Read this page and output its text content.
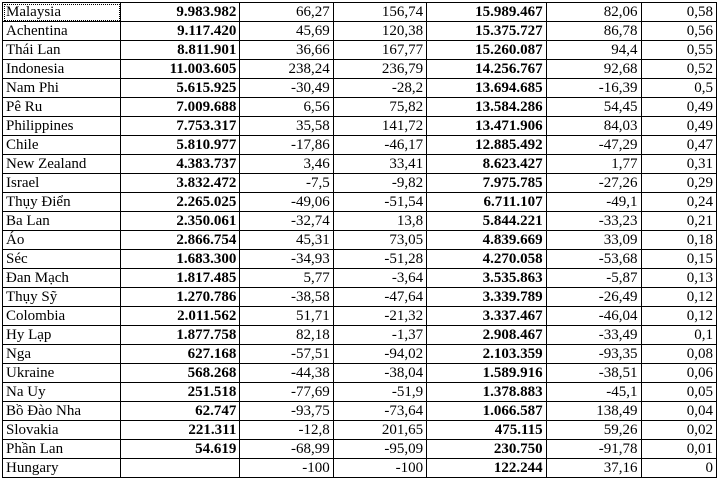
Malaysia	9.983.982	66,27	156,74	15.989.467	82,06	0,58
Achentina	9.117.420	45,69	120,38	15.375.727	86,78	0,56
Thái Lan	8.811.901	36,66	167,77	15.260.087	94,4	0,55
Indonesia	11.003.605	238,24	236,79	14.256.767	92,68	0,52
Nam Phi	5.615.925	-30,49	-28,2	13.694.685	-16,39	0,5
Pê Ru	7.009.688	6,56	75,82	13.584.286	54,45	0,49
Philippines	7.753.317	35,58	141,72	13.471.906	84,03	0,49
Chile	5.810.977	-17,86	-46,17	12.885.492	-47,29	0,47
New Zealand	4.383.737	3,46	33,41	8.623.427	1,77	0,31
Israel	3.832.472	-7,5	-9,82	7.975.785	-27,26	0,29
Thụy Điển	2.265.025	-49,06	-51,54	6.711.107	-49,1	0,24
Ba Lan	2.350.061	-32,74	13,8	5.844.221	-33,23	0,21
Áo	2.866.754	45,31	73,05	4.839.669	33,09	0,18
Séc	1.683.300	-34,93	-51,28	4.270.058	-53,68	0,15
Đan Mạch	1.817.485	5,77	-3,64	3.535.863	-5,87	0,13
Thụy Sỹ	1.270.786	-38,58	-47,64	3.339.789	-26,49	0,12
Colombia	2.011.562	51,71	-21,32	3.337.467	-46,04	0,12
Hy Lạp	1.877.758	82,18	-1,37	2.908.467	-33,49	0,1
Nga	627.168	-57,51	-94,02	2.103.359	-93,35	0,08
Ukraine	568.268	-44,38	-38,04	1.589.916	-38,51	0,06
Na Uy	251.518	-77,69	-51,9	1.378.883	-45,1	0,05
Bồ Đào Nha	62.747	-93,75	-73,64	1.066.587	138,49	0,04
Slovakia	221.311	-12,8	201,65	475.115	59,26	0,02
Phần Lan	54.619	-68,99	-95,09	230.750	-91,78	0,01
Hungary		-100	-100	122.244	37,16	0
